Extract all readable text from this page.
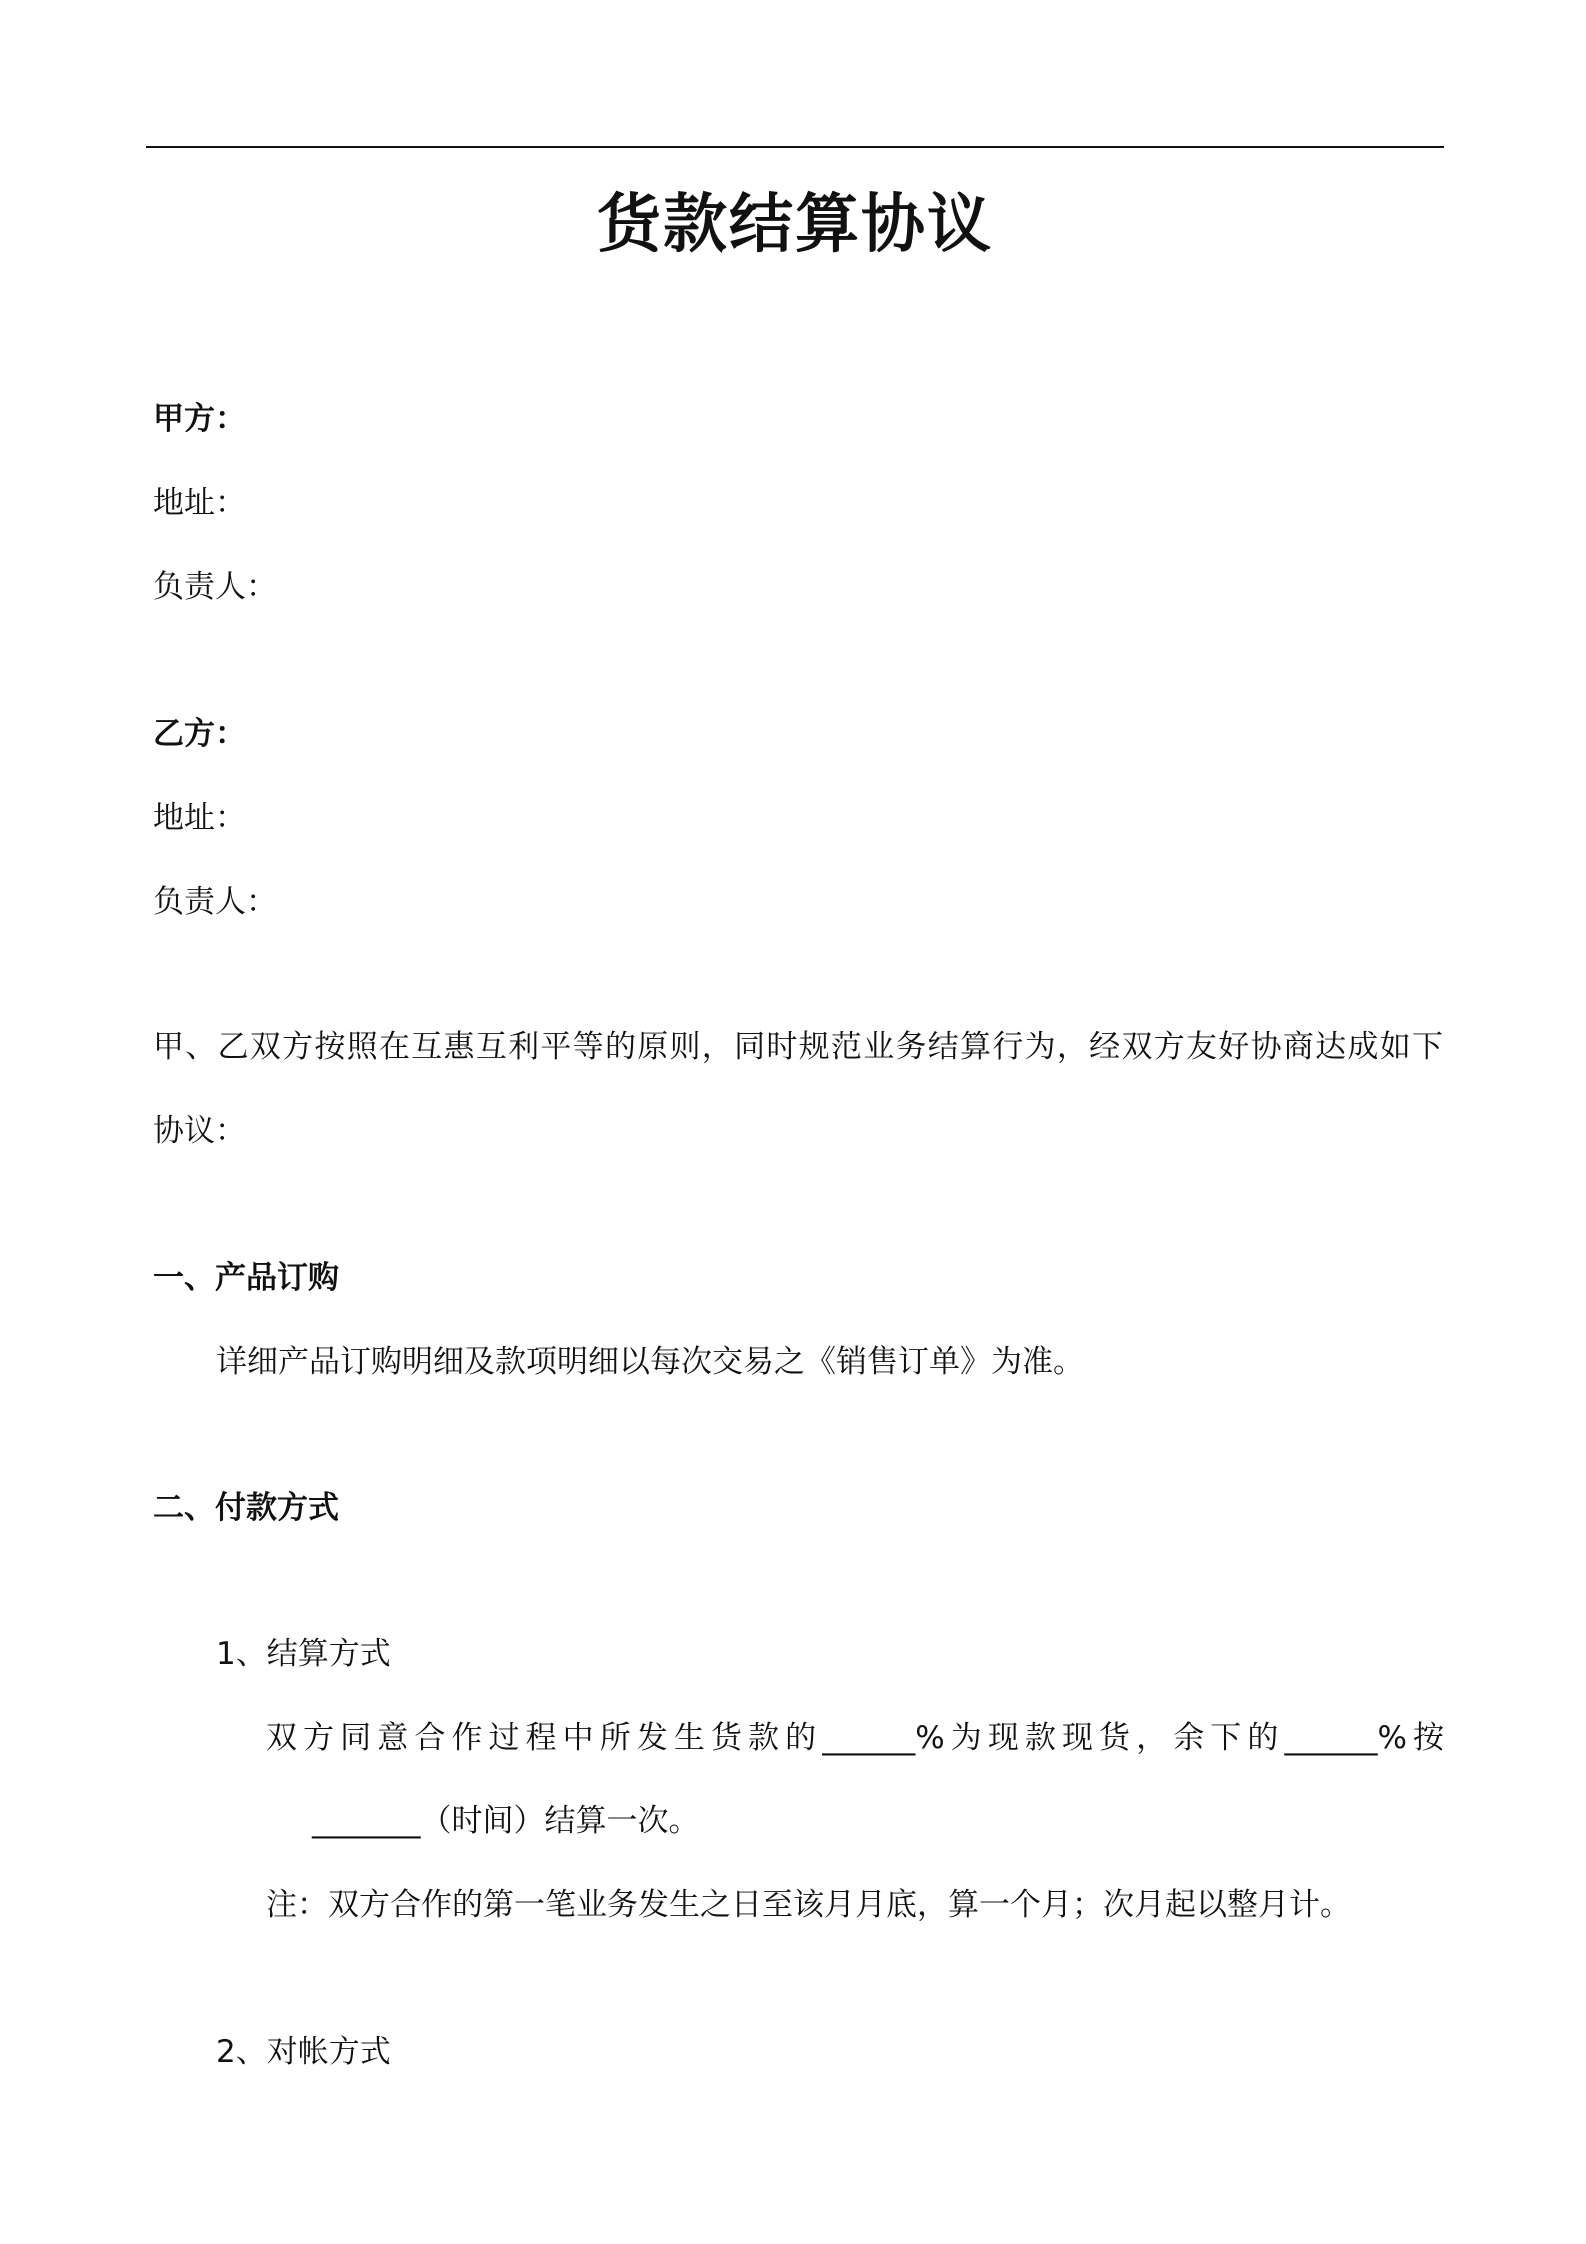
货款结算协议
甲方：
地址：
负责人：
乙方：
地址：
负责人：
甲、乙双方按照在互惠互利平等的原则，同时规范业务结算行为，经双方友好协商达成如下
协议：
一、产品订购
详细产品订购明细及款项明细以每次交易之《销售订单》为准。
二、付款方式
1、结算方式
双方同意合作过程中所发生货款的______%为现款现货，余下的______%按
_______（时间）结算一次。
注：双方合作的第一笔业务发生之日至该月月底，算一个月；次月起以整月计。
2、对帐方式
